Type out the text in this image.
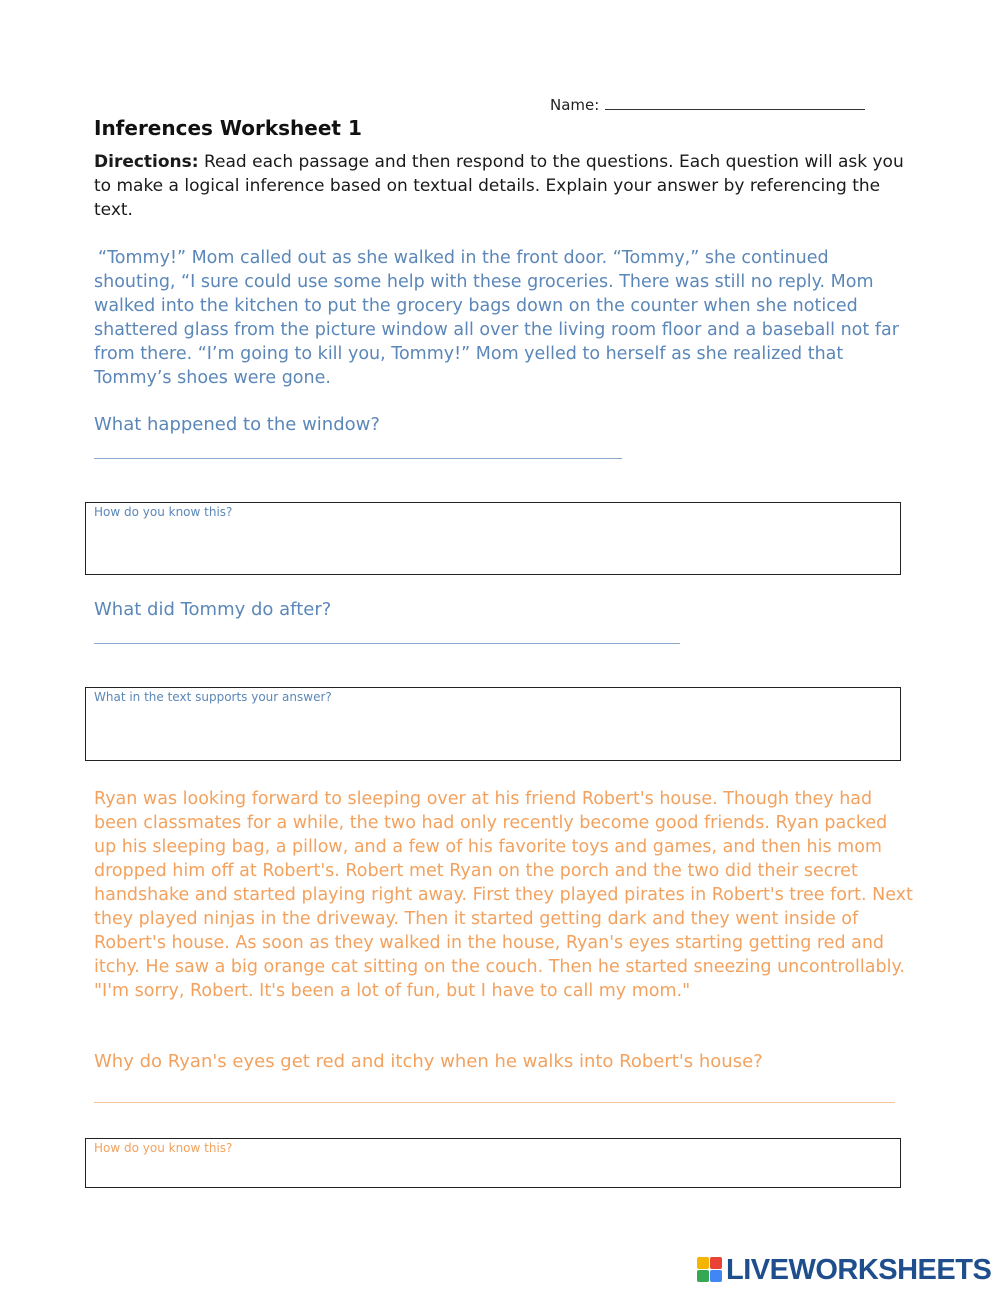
Name:
Inferences Worksheet 1
Directions: Read each passage and then respond to the questions. Each question will ask you to make a logical inference based on textual details. Explain your answer by referencing the text.
“Tommy!” Mom called out as she walked in the front door. “Tommy,” she continued shouting, “I sure could use some help with these groceries. There was still no reply. Mom walked into the kitchen to put the grocery bags down on the counter when she noticed shattered glass from the picture window all over the living room floor and a baseball not far from there. “I’m going to kill you, Tommy!” Mom yelled to herself as she realized that Tommy’s shoes were gone.
What happened to the window?
How do you know this?
What did Tommy do after?
What in the text supports your answer?
Ryan was looking forward to sleeping over at his friend Robert's house. Though they had been classmates for a while, the two had only recently become good friends. Ryan packed up his sleeping bag, a pillow, and a few of his favorite toys and games, and then his mom dropped him off at Robert's. Robert met Ryan on the porch and the two did their secret handshake and started playing right away. First they played pirates in Robert's tree fort. Next they played ninjas in the driveway. Then it started getting dark and they went inside of Robert's house. As soon as they walked in the house, Ryan's eyes starting getting red and itchy. He saw a big orange cat sitting on the couch. Then he started sneezing uncontrollably. "I'm sorry, Robert. It's been a lot of fun, but I have to call my mom."
Why do Ryan's eyes get red and itchy when he walks into Robert's house?
How do you know this?
LIVEWORKSHEETS
